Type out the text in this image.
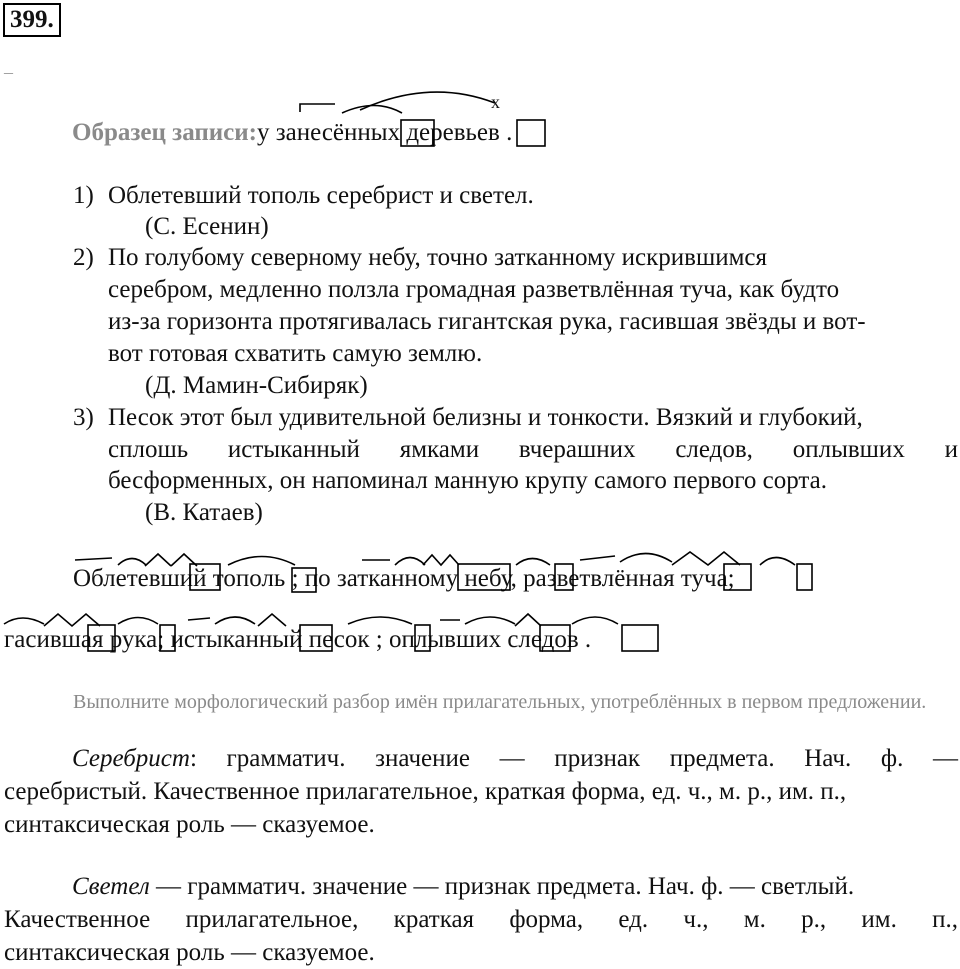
399.
–
Образец записи:у занесённых деревьев .
x
1) Облетевший тополь серебрист и светел.
(С. Есенин)
2) По голубому северному небу, точно затканному искрившимся
серебром, медленно ползла громадная разветвлённая туча, как будто
из-за горизонта протягивалась гигантская рука, гасившая звёзды и вот-
вот готовая схватить самую землю.
(Д. Мамин-Сибиряк)
3) Песок этот был удивительной белизны и тонкости. Вязкий и глубокий,
сплошь истыканный ямками вчерашних следов, оплывших и
бесформенных, он напоминал манную крупу самого первого сорта.
(В. Катаев)
Облетевший тополь ; по затканному небу, разветвлённая туча;
гасившая рука; истыканный песок ; оплывших следов .
Выполните морфологический разбор имён прилагательных, употреблённых в первом предложении.
Серебрист: грамматич. значение — признак предмета. Нач. ф. —
серебристый. Качественное прилагательное, краткая форма, ед. ч., м. р., им. п.,
синтаксическая роль — сказуемое.
Светел — грамматич. значение — признак предмета. Нач. ф. — светлый.
Качественное прилагательное, краткая форма, ед. ч., м. р., им. п.,
синтаксическая роль — сказуемое.
